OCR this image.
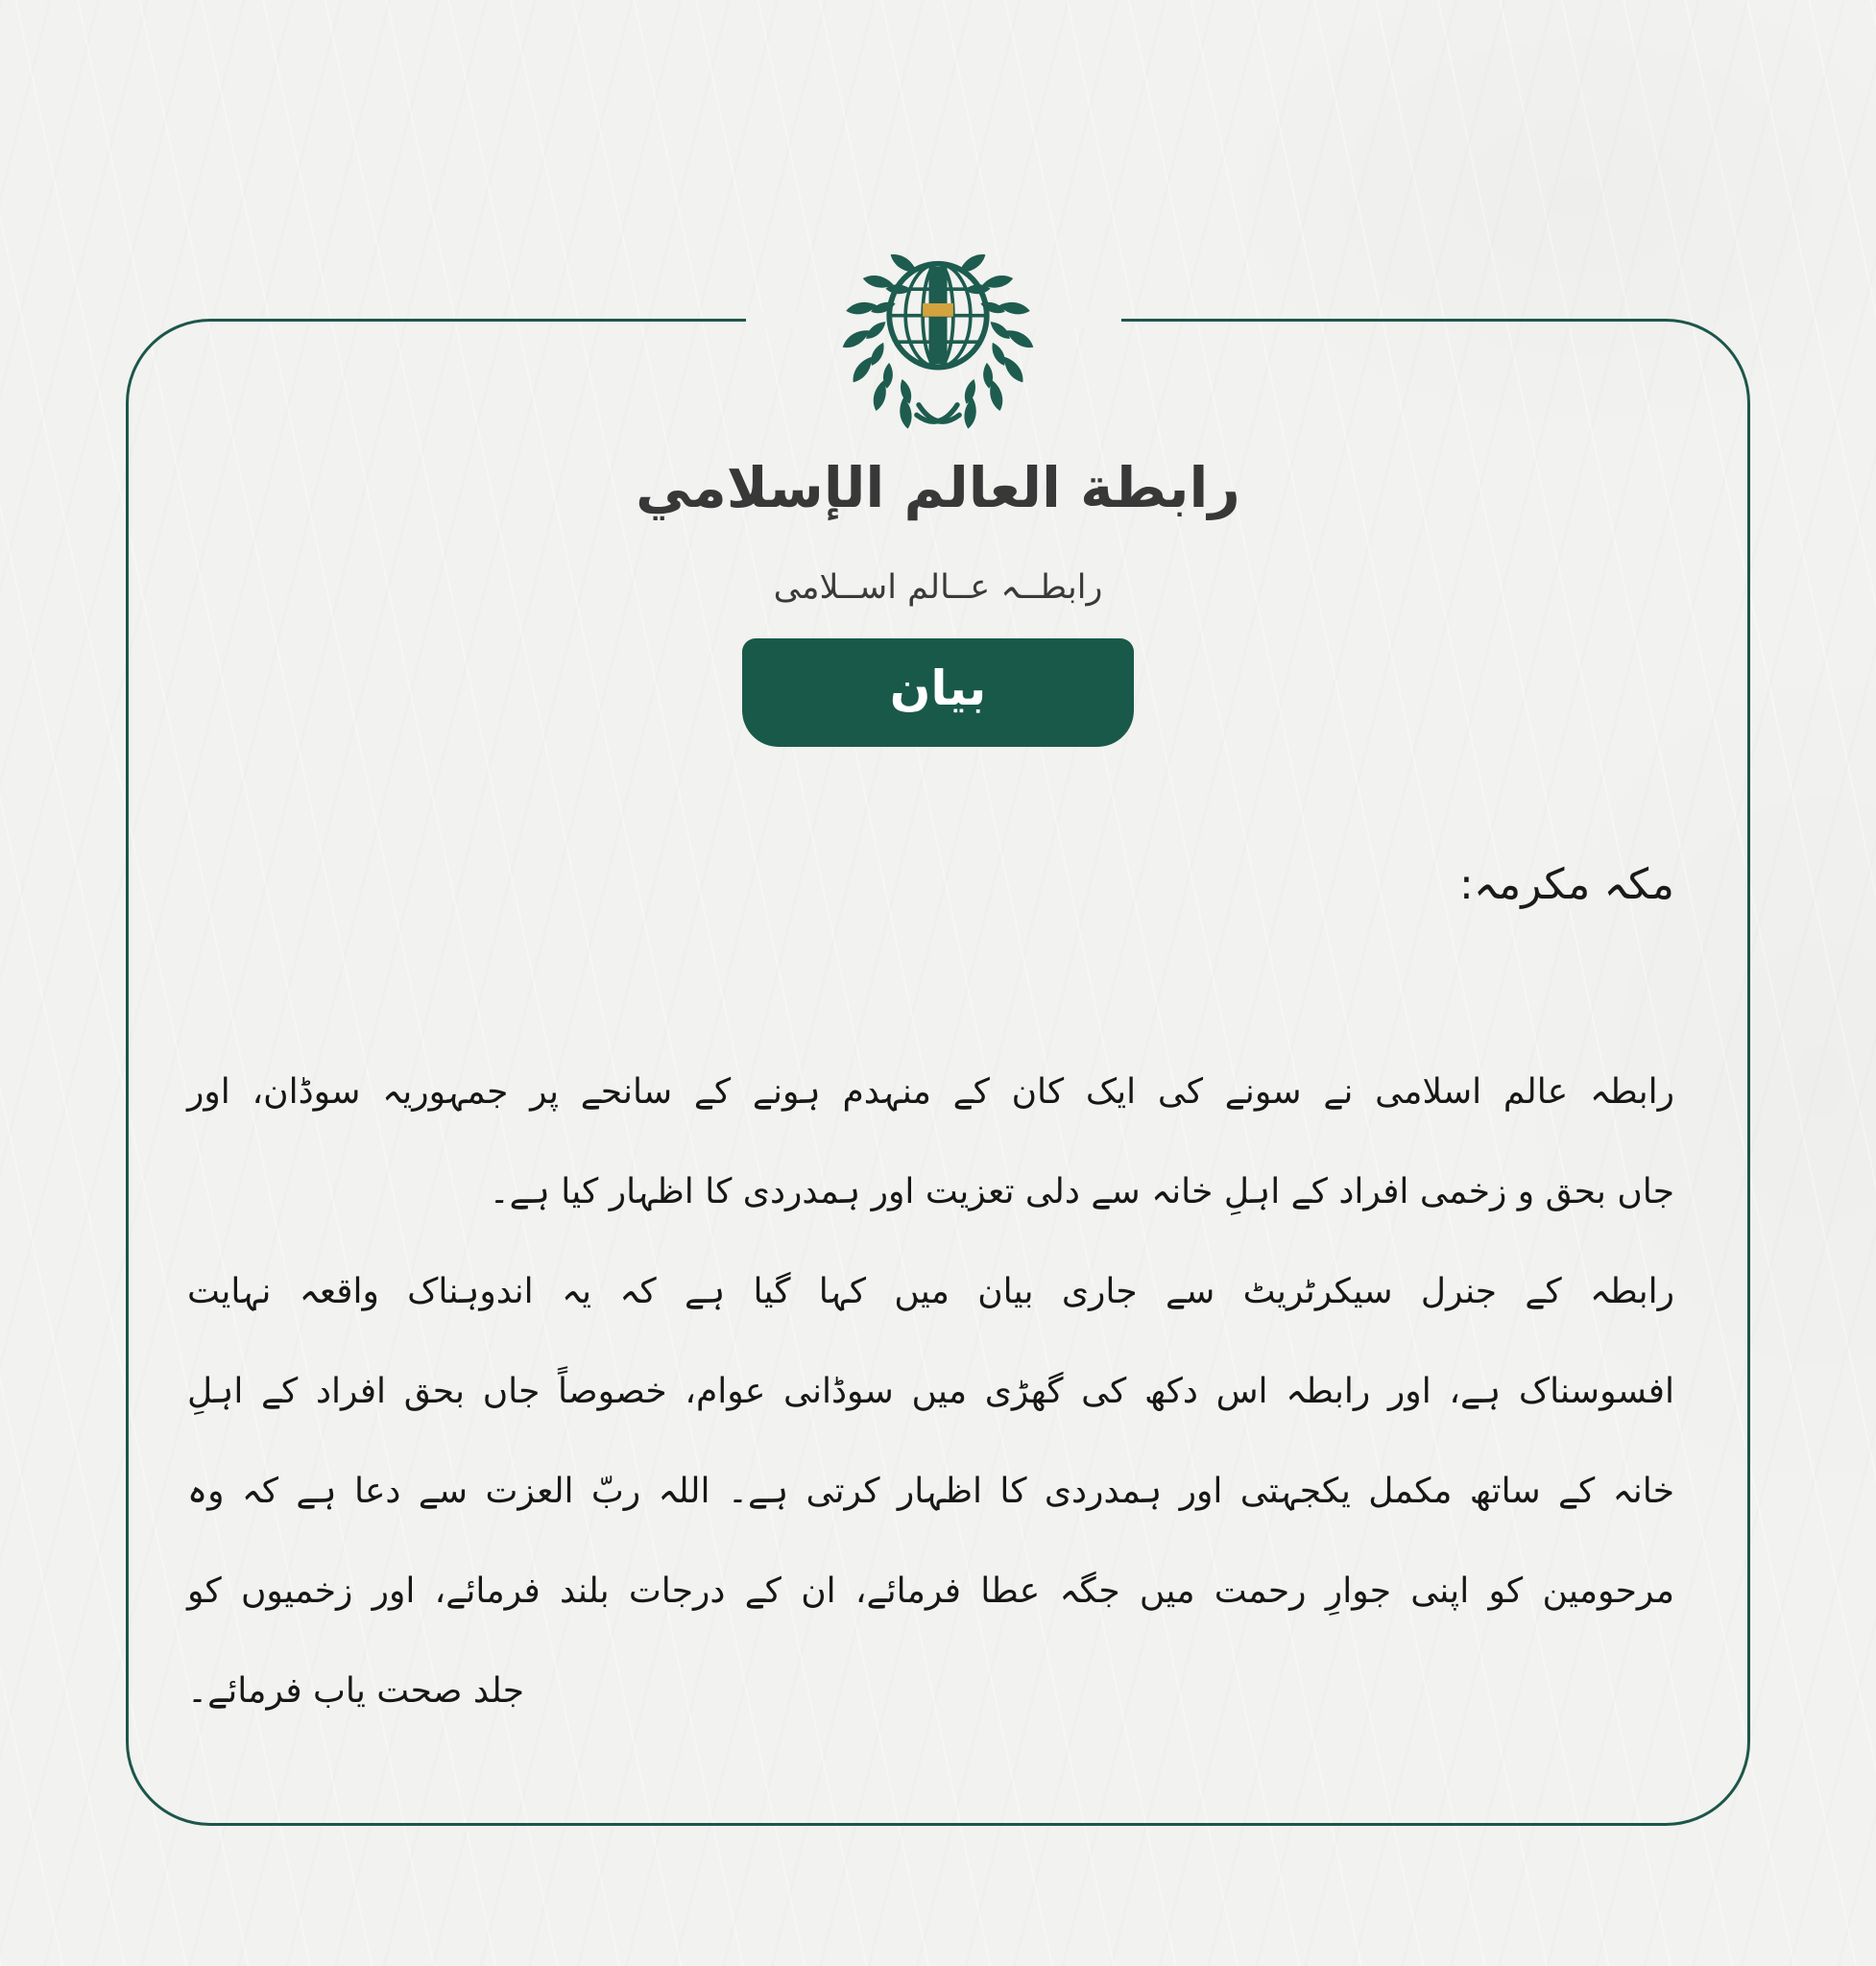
رابطة العالم الإسلامي
رابطــہ عــالم اســلامی
بیان
مکہ مکرمہ:
رابطہ عالم اسلامی نے سونے کی ایک کان کے منہدم ہونے کے سانحے پر جمہوریہ سوڈان، اور
جاں بحق و زخمی افراد کے اہلِ خانہ سے دلی تعزیت اور ہمدردی کا اظہار کیا ہے۔
رابطہ کے جنرل سیکرٹریٹ سے جاری بیان میں کہا گیا ہے کہ یہ اندوہناک واقعہ نہایت
افسوسناک ہے، اور رابطہ اس دکھ کی گھڑی میں سوڈانی عوام، خصوصاً جاں بحق افراد کے اہلِ
خانہ کے ساتھ مکمل یکجہتی اور ہمدردی کا اظہار کرتی ہے۔ اللہ ربّ العزت سے دعا ہے کہ وہ
مرحومین کو اپنی جوارِ رحمت میں جگہ عطا فرمائے، ان کے درجات بلند فرمائے، اور زخمیوں کو
جلد صحت یاب فرمائے۔
